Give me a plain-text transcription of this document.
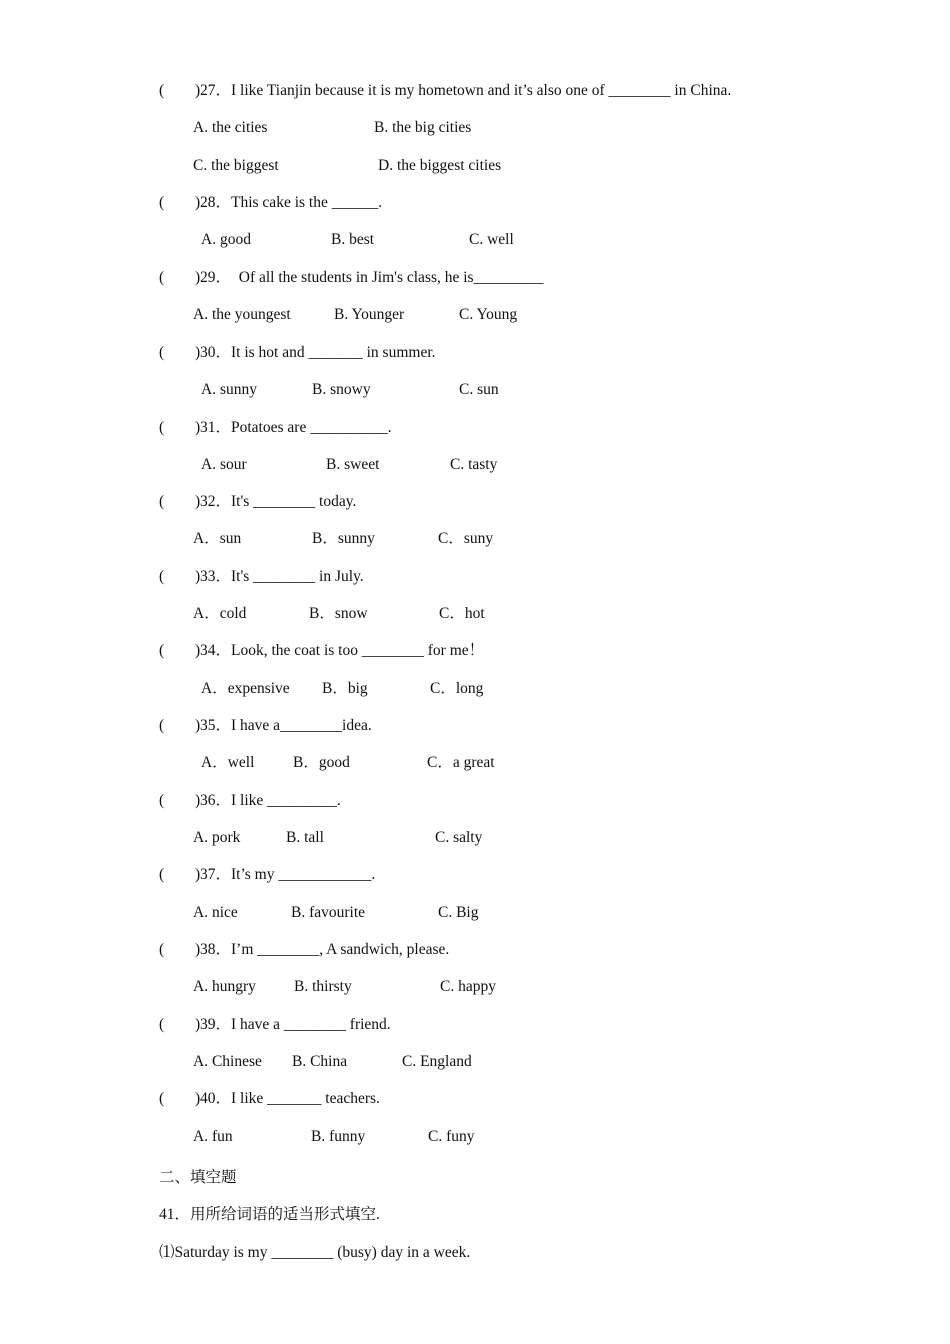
( ) 27．I like Tianjin because it is my hometown and it’s also one of ________ in China.
A. the cities	B. the big cities
C. the biggest	D. the biggest cities
( ) 28．This cake is the ______.
A. good	B. best	C. well
( ) 29．  Of all the students in Jim's class, he is_________
A. the youngest	B. Younger	C. Young
( ) 30．It is hot and _______ in summer.
A. sunny	B. snowy	C. sun
( ) 31．Potatoes are __________.
A. sour	B. sweet	C. tasty
( ) 32．It's ________ today.
A．sun	B．sunny	C．suny
( ) 33．It's ________ in July.
A．cold	B．snow	C．hot
( ) 34．Look, the coat is too ________ for me！
A．expensive B．big	C．long
( ) 35．I have a________idea.
A．well B．good	C．a great
( ) 36．I like _________.
A. pork	B. tall	C. salty
( ) 37．It’s my ____________.
A. nice	B. favourite	C. Big
( ) 38．I’m ________, A sandwich, please.
A. hungry B. thirsty	C. happy
( ) 39．I have a ________ friend.
A. Chinese B. China	C. England
( ) 40．I like _______ teachers.
A. fun	B. funny	C. funy
二、填空题
41．用所给词语的适当形式填空.
⑴Saturday is my ________ (busy) day in a week.
